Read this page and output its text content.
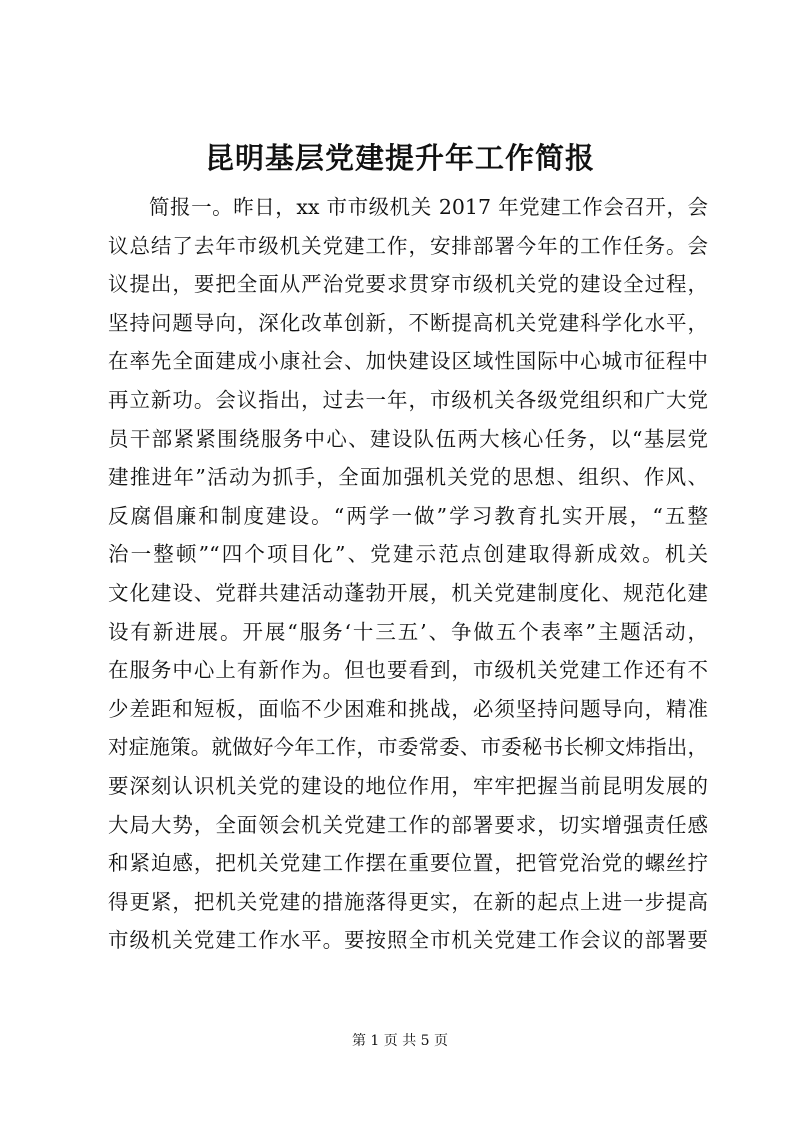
昆明基层党建提升年工作简报
简报一。昨日，xx 市市级机关 2017 年党建工作会召开，会
议总结了去年市级机关党建工作，安排部署今年的工作任务。会
议提出，要把全面从严治党要求贯穿市级机关党的建设全过程，
坚持问题导向，深化改革创新，不断提高机关党建科学化水平，
在率先全面建成小康社会、加快建设区域性国际中心城市征程中
再立新功。会议指出，过去一年，市级机关各级党组织和广大党
员干部紧紧围绕服务中心、建设队伍两大核心任务，以“基层党
建推进年”活动为抓手，全面加强机关党的思想、组织、作风、
反腐倡廉和制度建设。“两学一做”学习教育扎实开展，“五整
治一整顿”“四个项目化”、党建示范点创建取得新成效。机关
文化建设、党群共建活动蓬勃开展，机关党建制度化、规范化建
设有新进展。开展“服务‘十三五’、争做五个表率”主题活动，
在服务中心上有新作为。但也要看到，市级机关党建工作还有不
少差距和短板，面临不少困难和挑战，必须坚持问题导向，精准
对症施策。就做好今年工作，市委常委、市委秘书长柳文炜指出，
要深刻认识机关党的建设的地位作用，牢牢把握当前昆明发展的
大局大势，全面领会机关党建工作的部署要求，切实增强责任感
和紧迫感，把机关党建工作摆在重要位置，把管党治党的螺丝拧
得更紧，把机关党建的措施落得更实，在新的起点上进一步提高
市级机关党建工作水平。要按照全市机关党建工作会议的部署要
第 1 页 共 5 页
